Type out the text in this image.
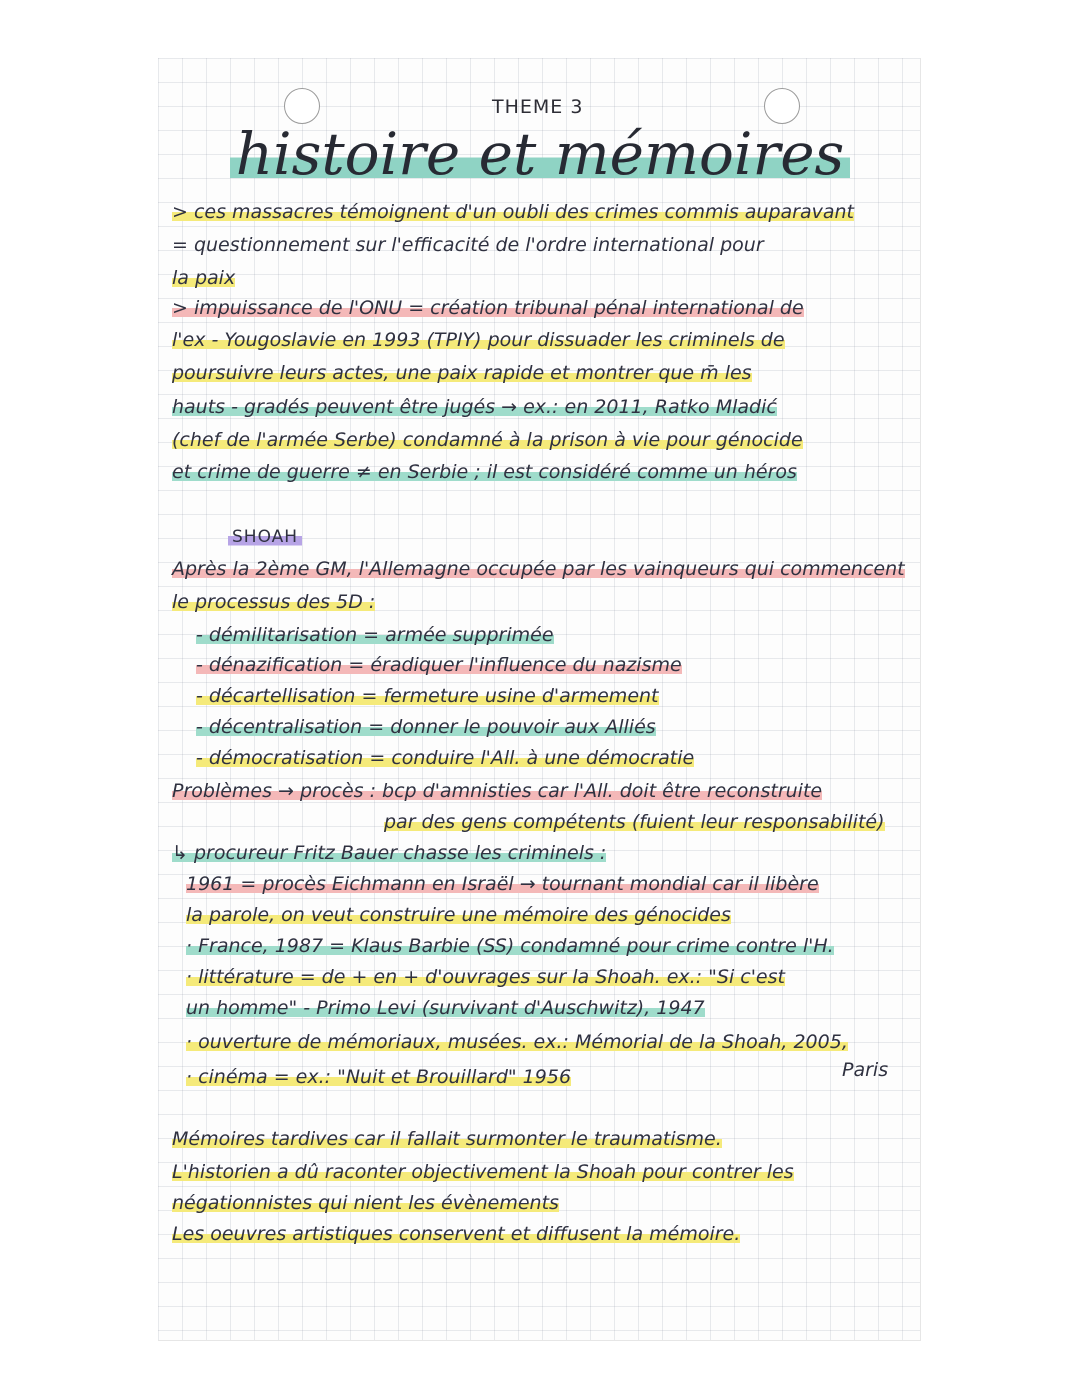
THEME 3
histoire et mémoires
> ces massacres témoignent d'un oubli des crimes commis auparavant
= questionnement sur l'efficacité de l'ordre international pour
la paix
> impuissance de l'ONU = création tribunal pénal international de
l'ex - Yougoslavie en 1993 (TPIY) pour dissuader les criminels de
poursuivre leurs actes, une paix rapide et montrer que m̄ les
hauts - gradés peuvent être jugés → ex.: en 2011, Ratko Mladić
(chef de l'armée Serbe) condamné à la prison à vie pour génocide
et crime de guerre ≠ en Serbie ; il est considéré comme un héros
SHOAH
Après la 2ème GM, l'Allemagne occupée par les vainqueurs qui commencent
le processus des 5D :
- démilitarisation = armée supprimée
- dénazification = éradiquer l'influence du nazisme
- décartellisation = fermeture usine d'armement
- décentralisation = donner le pouvoir aux Alliés
- démocratisation = conduire l'All. à une démocratie
Problèmes → procès : bcp d'amnisties car l'All. doit être reconstruite
par des gens compétents (fuient leur responsabilité)
↳ procureur Fritz Bauer chasse les criminels :
1961 = procès Eichmann en Israël → tournant mondial car il libère
la parole, on veut construire une mémoire des génocides
· France, 1987 = Klaus Barbie (SS) condamné pour crime contre l'H.
· littérature = de + en + d'ouvrages sur la Shoah. ex.: "Si c'est
un homme" - Primo Levi (survivant d'Auschwitz), 1947
· ouverture de mémoriaux, musées. ex.: Mémorial de la Shoah, 2005,
Paris
· cinéma = ex.: "Nuit et Brouillard" 1956
Mémoires tardives car il fallait surmonter le traumatisme.
L'historien a dû raconter objectivement la Shoah pour contrer les
négationnistes qui nient les évènements
Les oeuvres artistiques conservent et diffusent la mémoire.
